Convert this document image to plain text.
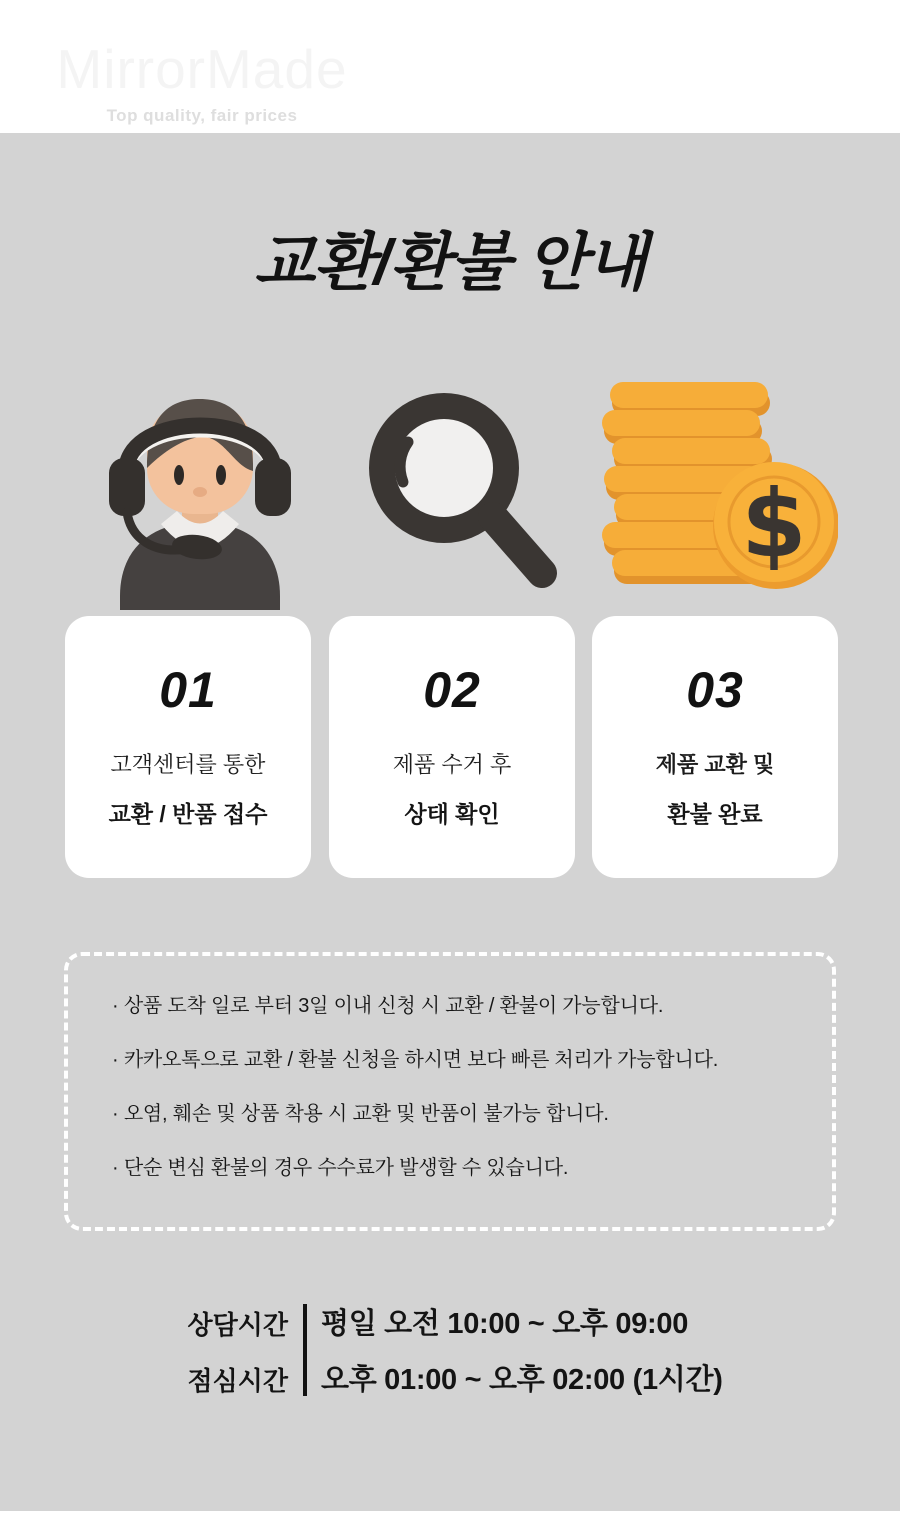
MirrorMade
Top quality, fair prices
교환/환불 안내
$
01
고객센터를 통한
교환 / 반품 접수
02
제품 수거 후
상태 확인
03
제품 교환 및
환불 완료
· 상품 도착 일로 부터 3일 이내 신청 시 교환 / 환불이 가능합니다.
· 카카오톡으로 교환 / 환불 신청을 하시면 보다 빠른 처리가 가능합니다.
· 오염, 훼손 및 상품 착용 시 교환 및 반품이 불가능 합니다.
· 단순 변심 환불의 경우 수수료가 발생할 수 있습니다.
상담시간 평일 오전 10:00 ~ 오후 09:00
점심시간 오후 01:00 ~ 오후 02:00 (1시간)
